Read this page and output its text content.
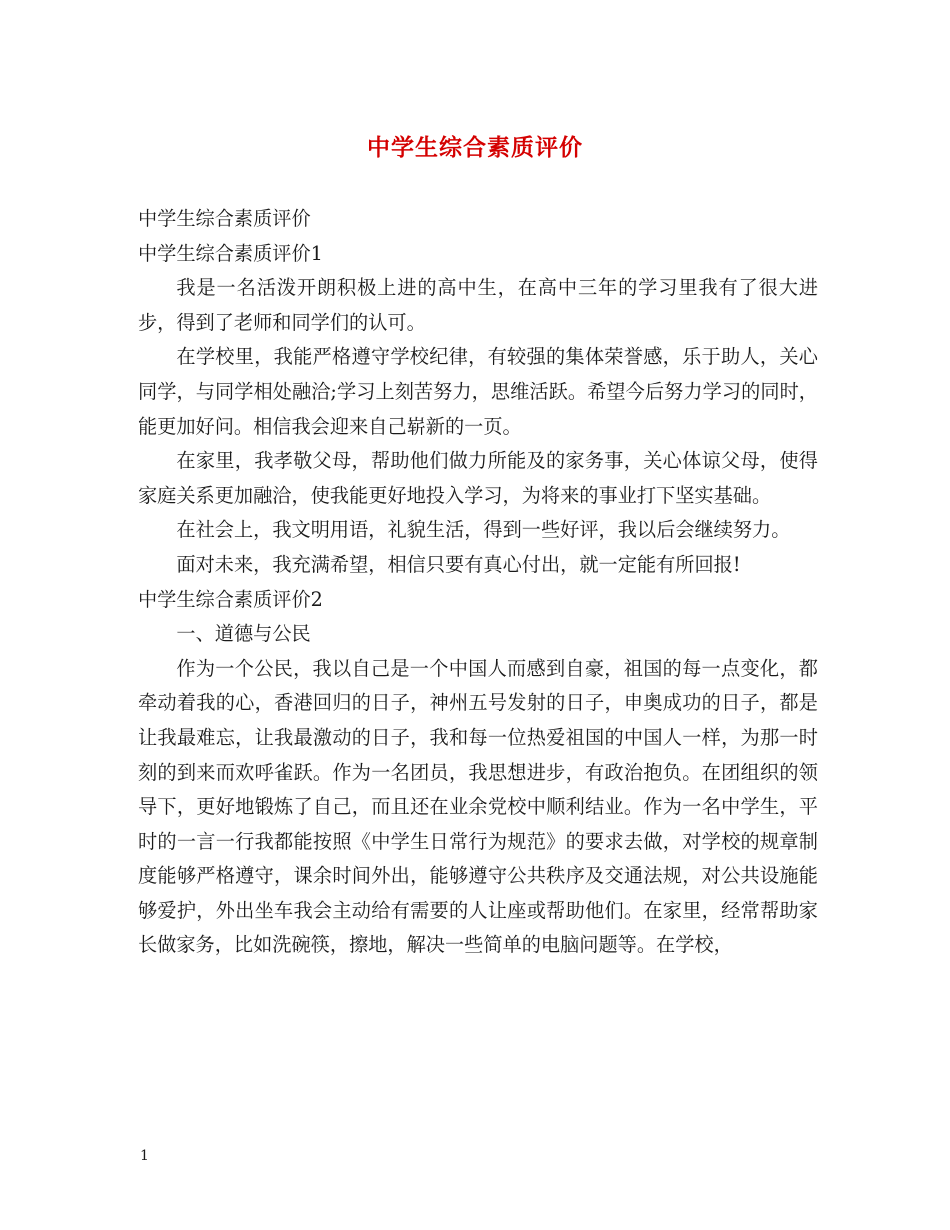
中学生综合素质评价

中学生综合素质评价

中学生综合素质评价1

我是一名活泼开朗积极上进的高中生，在高中三年的学习里我有了很大进步，得到了老师和同学们的认可。

在学校里，我能严格遵守学校纪律，有较强的集体荣誉感，乐于助人，关心同学，与同学相处融洽;学习上刻苦努力，思维活跃。希望今后努力学习的同时，能更加好问。相信我会迎来自己崭新的一页。

在家里，我孝敬父母，帮助他们做力所能及的家务事，关心体谅父母，使得家庭关系更加融洽，使我能更好地投入学习，为将来的事业打下坚实基础。

在社会上，我文明用语，礼貌生活，得到一些好评，我以后会继续努力。

面对未来，我充满希望，相信只要有真心付出，就一定能有所回报!

中学生综合素质评价2

一、道德与公民

作为一个公民，我以自己是一个中国人而感到自豪，祖国的每一点变化，都牵动着我的心，香港回归的日子，神州五号发射的日子，申奥成功的日子，都是让我最难忘，让我最激动的日子，我和每一位热爱祖国的中国人一样，为那一时刻的到来而欢呼雀跃。作为一名团员，我思想进步，有政治抱负。在团组织的领导下，更好地锻炼了自己，而且还在业余党校中顺利结业。作为一名中学生，平时的一言一行我都能按照《中学生日常行为规范》的要求去做，对学校的规章制度能够严格遵守，课余时间外出，能够遵守公共秩序及交通法规，对公共设施能够爱护，外出坐车我会主动给有需要的人让座或帮助他们。在家里，经常帮助家长做家务，比如洗碗筷，擦地，解决一些简单的电脑问题等。在学校，

1
